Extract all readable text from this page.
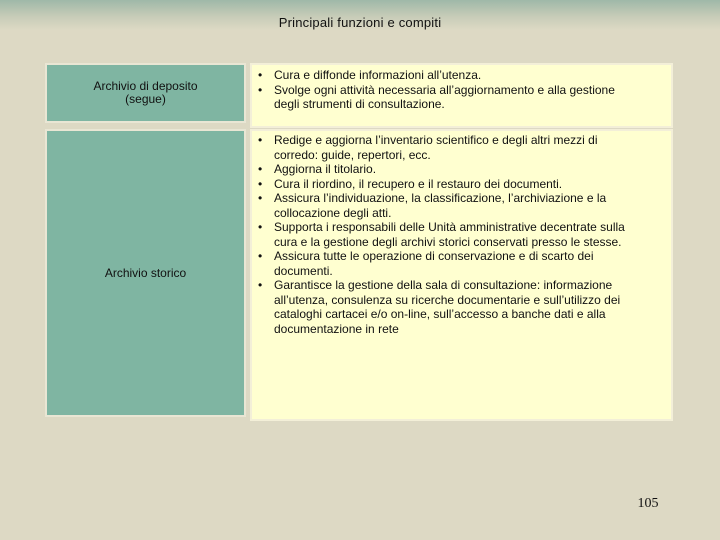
Principali funzioni e compiti
Archivio di deposito
(segue)
• Cura e diffonde informazioni all’utenza.
• Svolge ogni attività necessaria all’aggiornamento e alla gestione
degli strumenti di consultazione.
Archivio storico
• Redige e aggiorna l’inventario scientifico e degli altri mezzi di
corredo: guide, repertori, ecc.
• Aggiorna il titolario.
• Cura il riordino, il recupero e il restauro dei documenti.
• Assicura l’individuazione, la classificazione, l’archiviazione e la
collocazione degli atti.
• Supporta i responsabili delle Unità amministrative decentrate sulla
cura e la gestione degli archivi storici conservati presso le stesse.
• Assicura tutte le operazione di conservazione e di scarto dei
documenti.
• Garantisce la gestione della sala di consultazione: informazione
all’utenza, consulenza su ricerche documentarie e sull’utilizzo dei
cataloghi cartacei e/o on-line, sull’accesso a banche dati e alla
documentazione in rete
105
